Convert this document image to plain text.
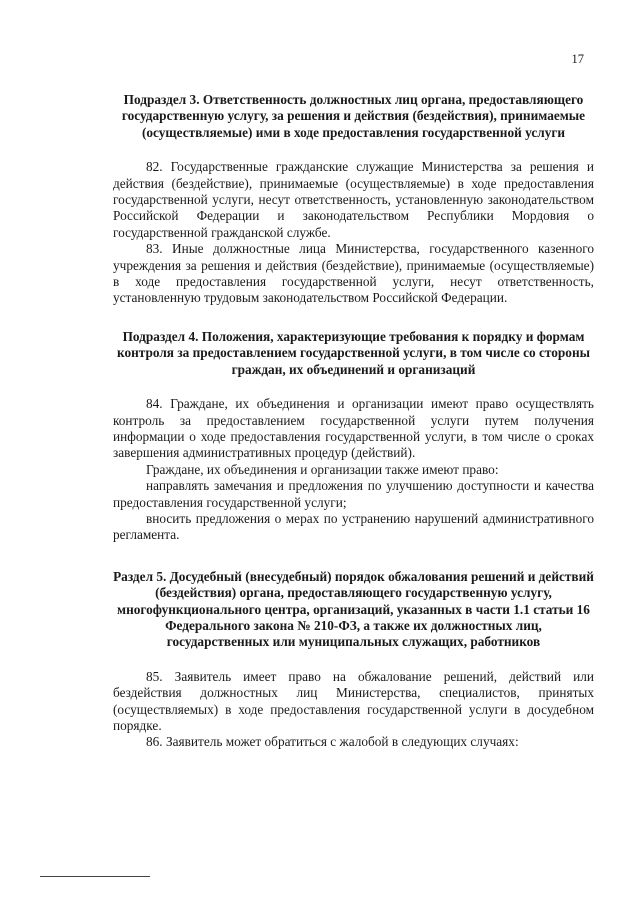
17
Подраздел 3. Ответственность должностных лиц органа, предоставляющего государственную услугу, за решения и действия (бездействия), принимаемые (осуществляемые) ими в ходе предоставления государственной услуги

82. Государственные гражданские служащие Министерства за решения и действия (бездействие), принимаемые (осуществляемые) в ходе предоставления государственной услуги, несут ответственность, установленную законодательством Российской Федерации и законодательством Республики Мордовия о государственной гражданской службе.

83. Иные должностные лица Министерства, государственного казенного учреждения за решения и действия (бездействие), принимаемые (осуществляемые) в ходе предоставления государственной услуги, несут ответственность, установленную трудовым законодательством Российской Федерации.

Подраздел 4. Положения, характеризующие требования к порядку и формам контроля за предоставлением государственной услуги, в том числе со стороны граждан, их объединений и организаций

84. Граждане, их объединения и организации имеют право осуществлять контроль за предоставлением государственной услуги путем получения информации о ходе предоставления государственной услуги, в том числе о сроках завершения административных процедур (действий).

Граждане, их объединения и организации также имеют право:

направлять замечания и предложения по улучшению доступности и качества предоставления государственной услуги;

вносить предложения о мерах по устранению нарушений административного регламента.

Раздел 5. Досудебный (внесудебный) порядок обжалования решений и действий (бездействия) органа, предоставляющего государственную услугу, многофункционального центра, организаций, указанных в части 1.1 статьи 16 Федерального закона № 210-ФЗ, а также их должностных лиц, государственных или муниципальных служащих, работников

85. Заявитель имеет право на обжалование решений, действий или бездействия должностных лиц Министерства, специалистов, принятых (осуществляемых) в ходе предоставления государственной услуги в досудебном порядке.

86. Заявитель может обратиться с жалобой в следующих случаях:
